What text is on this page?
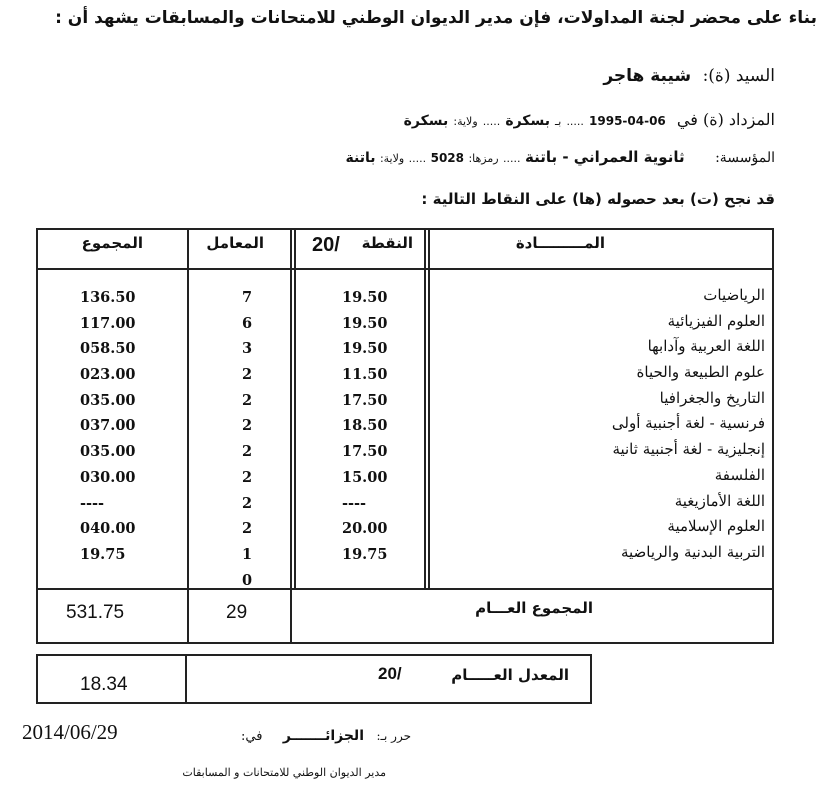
بناء على محضر لجنة المداولات، فإن مدير الديوان الوطني للامتحانات والمسابقات يشهد أن :
السيد (ة): شيبة هاجر
المزداد (ة) في 1995-04-06 ..... بـ بسكرة ..... ولاية: بسكرة
المؤسسة: ثانوية العمراني - باتنة ..... رمزها: 5028 ..... ولاية: باتنة
قد نجح (ت) بعد حصوله (ها) على النقاط التالية :
المـــــــــادة
النقطة
20/
المعامل
المجموع
الرياضيات
العلوم الفيزيائية
اللغة العربية وآدابها
علوم الطبيعة والحياة
التاريخ والجغرافيا
فرنسية - لغة أجنبية أولى
إنجليزية - لغة أجنبية ثانية
الفلسفة
اللغة الأمازيغية
العلوم الإسلامية
التربية البدنية والرياضية
19.50
19.50
19.50
11.50
17.50
18.50
17.50
15.00
----
20.00
19.75
7
6
3
2
2
2
2
2
2
2
1
0
136.50
117.00
058.50
023.00
035.00
037.00
035.00
030.00
----
040.00
19.75
المجموع العـــام
29
531.75
المعدل العـــــام
20/
18.34
2014/06/29	حرر بـ: الجزائـــــــر في:
مدير الديوان الوطني للامتحانات و المسابقات
